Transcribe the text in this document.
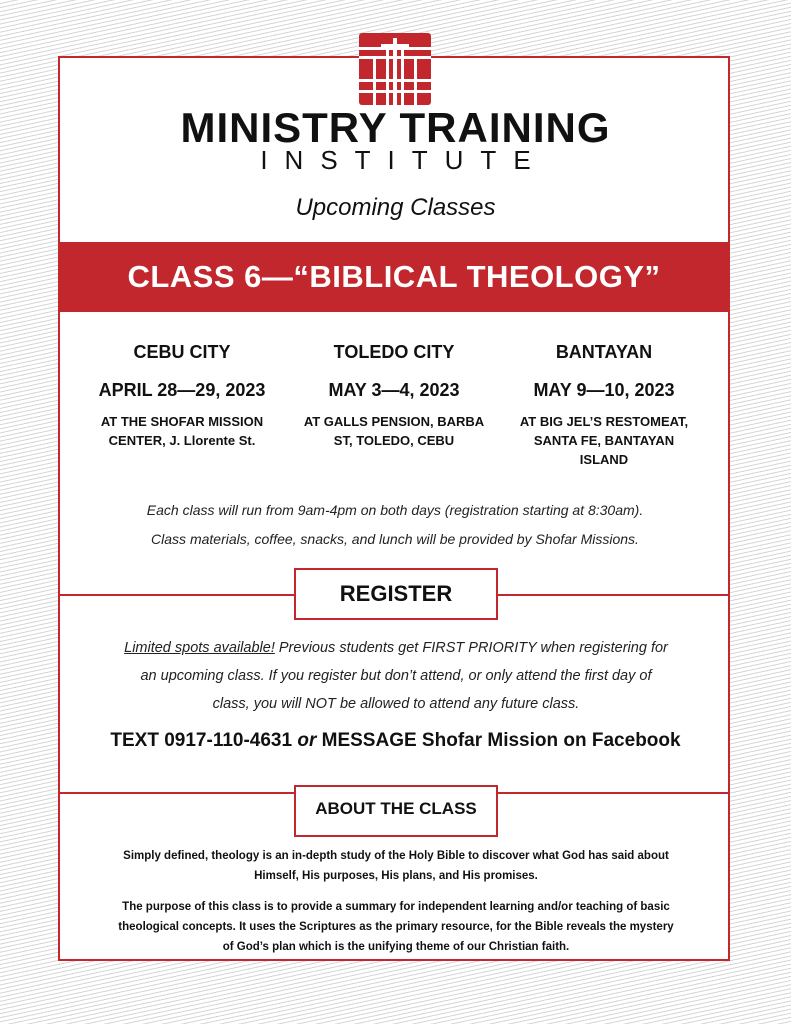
MINISTRY TRAINING
INSTITUTE
Upcoming Classes
CLASS 6—“BIBLICAL THEOLOGY”
CEBU CITY
APRIL 28—29, 2023
AT THE SHOFAR MISSION
CENTER, J. Llorente St.
TOLEDO CITY
MAY 3—4, 2023
AT GALLS PENSION, BARBA
ST, TOLEDO, CEBU
BANTAYAN
MAY 9—10, 2023
AT BIG JEL’S RESTOMEAT,
SANTA FE, BANTAYAN
ISLAND
Each class will run from 9am-4pm on both days (registration starting at 8:30am).
Class materials, coffee, snacks, and lunch will be provided by Shofar Missions.
REGISTER
Limited spots available! Previous students get FIRST PRIORITY when registering for
an upcoming class. If you register but don’t attend, or only attend the first day of
class, you will NOT be allowed to attend any future class.
TEXT 0917-110-4631 or MESSAGE Shofar Mission on Facebook
ABOUT THE CLASS
Simply defined, theology is an in-depth study of the Holy Bible to discover what God has said about
Himself, His purposes, His plans, and His promises.
The purpose of this class is to provide a summary for independent learning and/or teaching of basic
theological concepts. It uses the Scriptures as the primary resource, for the Bible reveals the mystery
of God’s plan which is the unifying theme of our Christian faith.
